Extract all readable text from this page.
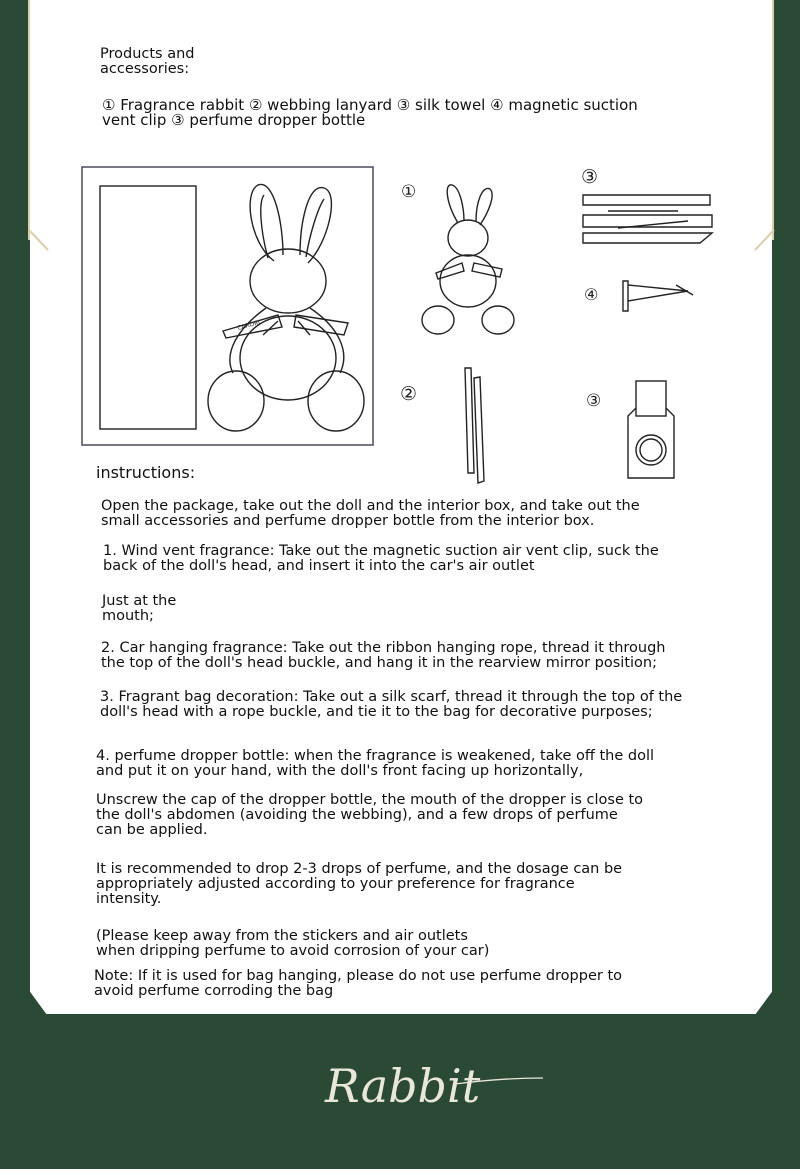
Products and
accessories:

① Fragrance rabbit ② webbing lanyard ③ silk towel ④ magnetic suction
vent clip ③ perfume dropper bottle

①
②
③
④
③
CARORI
instructions:

Open the package, take out the doll and the interior box, and take out the
small accessories and perfume dropper bottle from the interior box.

1. Wind vent fragrance: Take out the magnetic suction air vent clip, suck the
back of the doll's head, and insert it into the car's air outlet

Just at the
mouth;

2. Car hanging fragrance: Take out the ribbon hanging rope, thread it through
the top of the doll's head buckle, and hang it in the rearview mirror position;

3. Fragrant bag decoration: Take out a silk scarf, thread it through the top of the
doll's head with a rope buckle, and tie it to the bag for decorative purposes;

4. perfume dropper bottle: when the fragrance is weakened, take off the doll
and put it on your hand, with the doll's front facing up horizontally,

Unscrew the cap of the dropper bottle, the mouth of the dropper is close to
the doll's abdomen (avoiding the webbing), and a few drops of perfume
can be applied.

It is recommended to drop 2-3 drops of perfume, and the dosage can be
appropriately adjusted according to your preference for fragrance
intensity.

(Please keep away from the stickers and air outlets
when dripping perfume to avoid corrosion of your car)

Note: If it is used for bag hanging, please do not use perfume dropper to
avoid perfume corroding the bag

Rabbit
